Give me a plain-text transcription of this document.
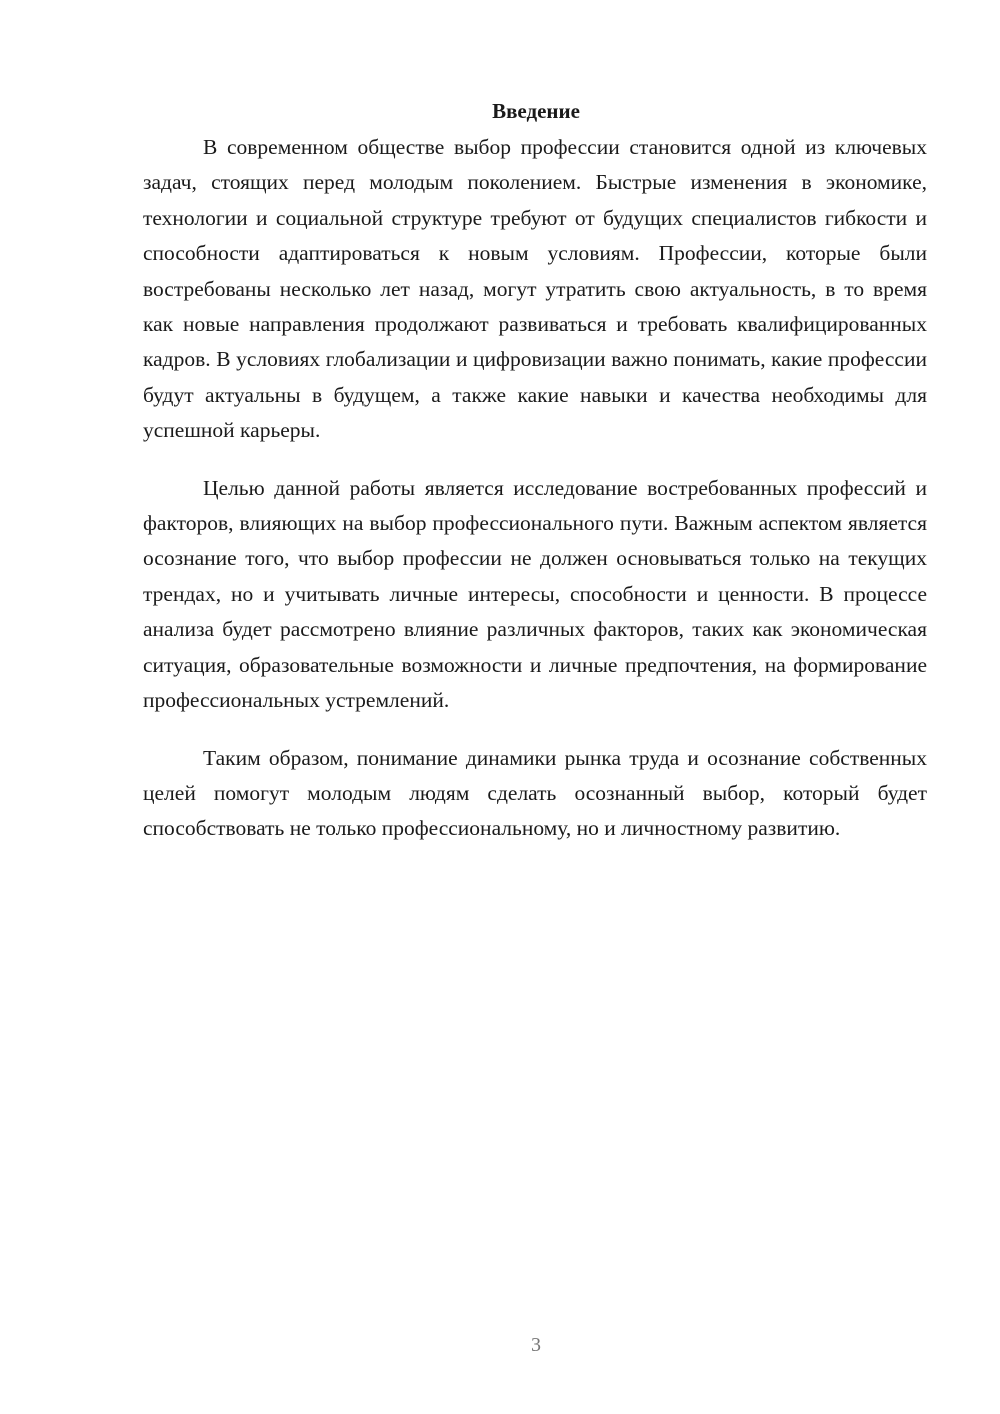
Введение

В современном обществе выбор профессии становится одной из ключевых задач, стоящих перед молодым поколением. Быстрые изменения в экономике, технологии и социальной структуре требуют от будущих специалистов гибкости и способности адаптироваться к новым условиям. Профессии, которые были востребованы несколько лет назад, могут утратить свою актуальность, в то время как новые направления продолжают развиваться и требовать квалифицированных кадров. В условиях глобализации и цифровизации важно понимать, какие профессии будут актуальны в будущем, а также какие навыки и качества необходимы для успешной карьеры.

Целью данной работы является исследование востребованных профессий и факторов, влияющих на выбор профессионального пути. Важным аспектом является осознание того, что выбор профессии не должен основываться только на текущих трендах, но и учитывать личные интересы, способности и ценности. В процессе анализа будет рассмотрено влияние различных факторов, таких как экономическая ситуация, образовательные возможности и личные предпочтения, на формирование профессиональных устремлений.

Таким образом, понимание динамики рынка труда и осознание собственных целей помогут молодым людям сделать осознанный выбор, который будет способствовать не только профессиональному, но и личностному развитию.

3
